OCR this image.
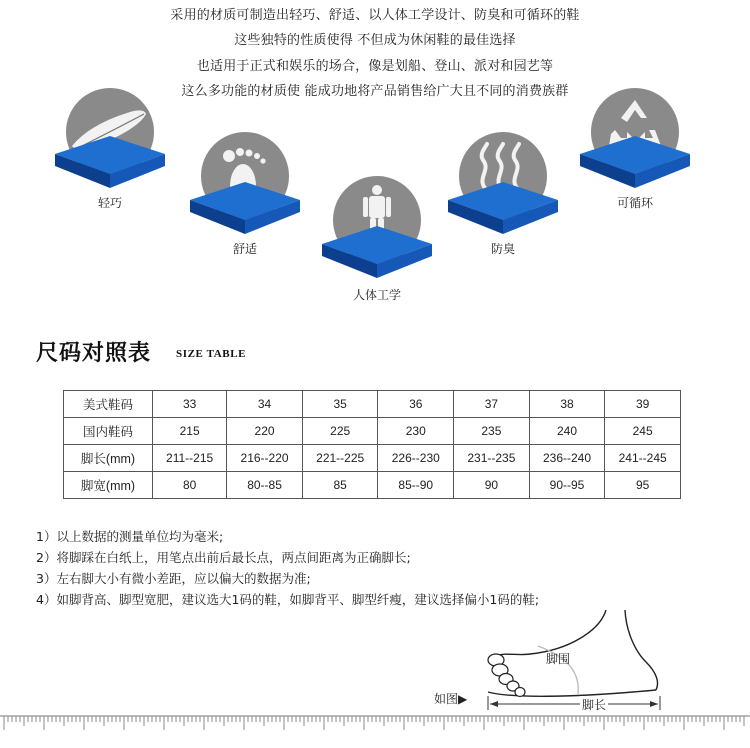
采用的材质可制造出轻巧、舒适、以人体工学设计、防臭和可循环的鞋
这些独特的性质使得 不但成为休闲鞋的最佳选择
也适用于正式和娱乐的场合，像是划船、登山、派对和园艺等
这么多功能的材质使 能成功地将产品销售给广大且不同的消费族群
轻巧
舒适
人体工学
防臭
可循环
尺码对照表 SIZE TABLE
美式鞋码	33	34	35	36	37	38	39
国内鞋码	215	220	225	230	235	240	245
脚长(mm)	211--215	216--220	221--225	226--230	231--235	236--240	241--245
脚宽(mm)	80	80--85	85	85--90	90	90--95	95
1）以上数据的测量单位均为毫米;
2）将脚踩在白纸上，用笔点出前后最长点，两点间距离为正确脚长;
3）左右脚大小有微小差距，应以偏大的数据为准;
4）如脚背高、脚型宽肥，建议选大1码的鞋，如脚背平、脚型纤瘦，建议选择偏小1码的鞋;
如图▶
脚围
脚长
